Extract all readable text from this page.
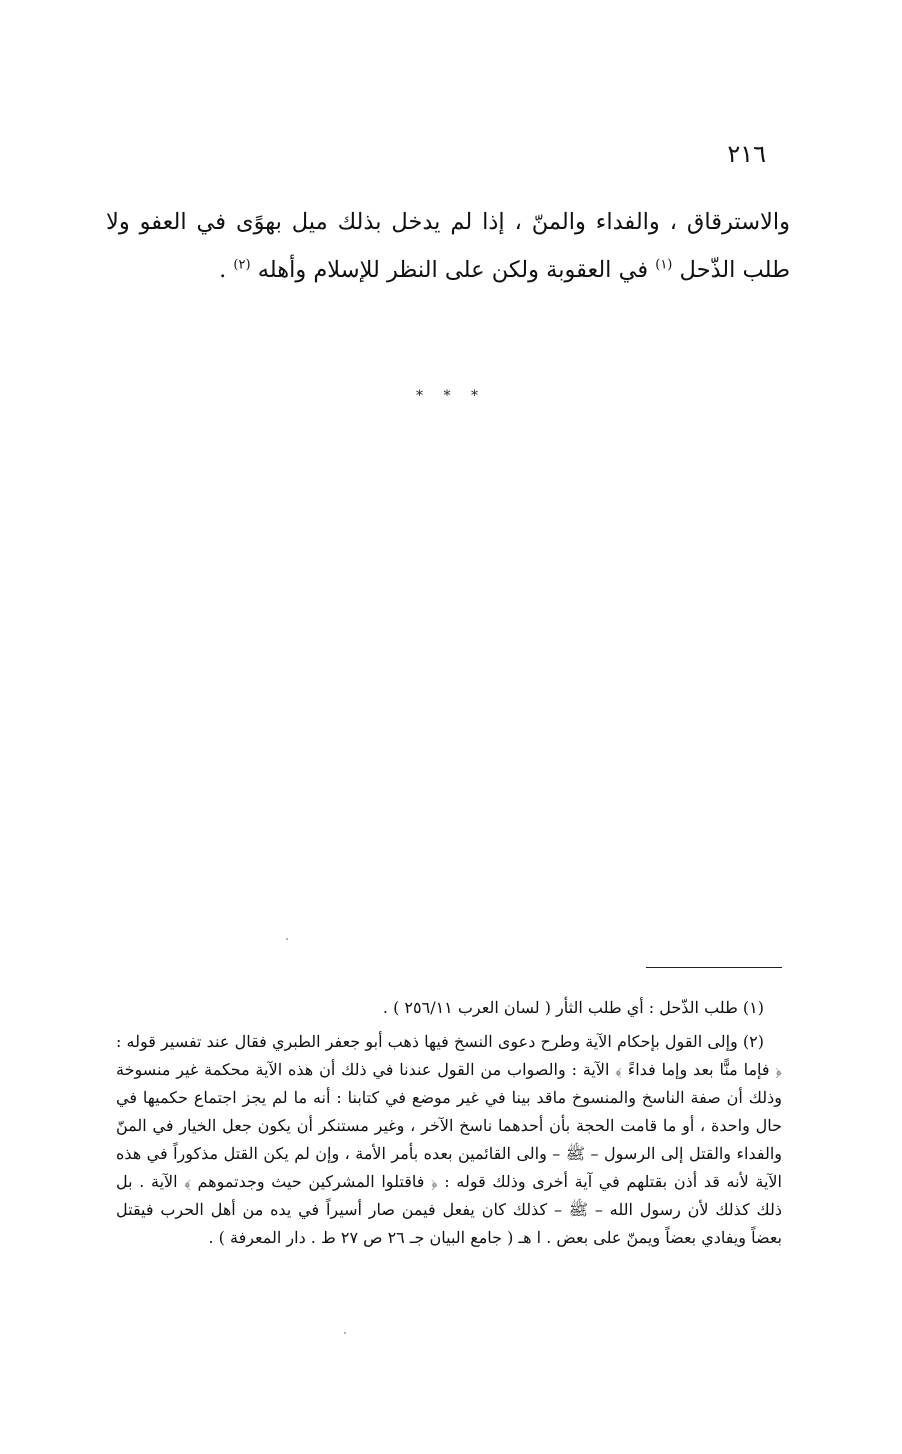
٢١٦

والاسترقاق ، والفداء والمنّ ، إذا لم يدخل بذلك ميل بهوًى في العفو ولا طلب الذّحل $^{(١)}$ في العقوبة ولكن على النظر للإسلام وأهله $^{(٢)}$ .

* * *

(١) طلب الذّحل : أي طلب الثأر ( لسان العرب ٢٥٦/١١ ) .

(٢) وإلى القول بإحكام الآية وطرح دعوى النسخ فيها ذهب أبو جعفر الطبري فقال عند تفسير قوله : ﴿ فإما منًّا بعد وإما فداءً ﴾ الآية : والصواب من القول عندنا في ذلك أن هذه الآية محكمة غير منسوخة وذلك أن صفة الناسخ والمنسوخ ماقد بينا في غير موضع في كتابنا : أنه ما لم يجز اجتماع حكميها في حال واحدة ، أو ما قامت الحجة بأن أحدهما ناسخ الآخر ، وغير مستنكر أن يكون جعل الخيار في المنّ والفداء والقتل إلى الرسول – ﷺ – والى القائمين بعده بأمر الأمة ، وإن لم يكن القتل مذكوراً في هذه الآية لأنه قد أذن بقتلهم في آية أخرى وذلك قوله : ﴿ فاقتلوا المشركين حيث وجدتموهم ﴾ الآية . بل ذلك كذلك لأن رسول الله – ﷺ – كذلك كان يفعل فيمن صار أسيراً في يده من أهل الحرب فيقتل بعضاً ويفادي بعضاً ويمنّ على بعض . ا هـ ( جامع البيان جـ ٢٦ ص ٢٧ ط . دار المعرفة ) .
